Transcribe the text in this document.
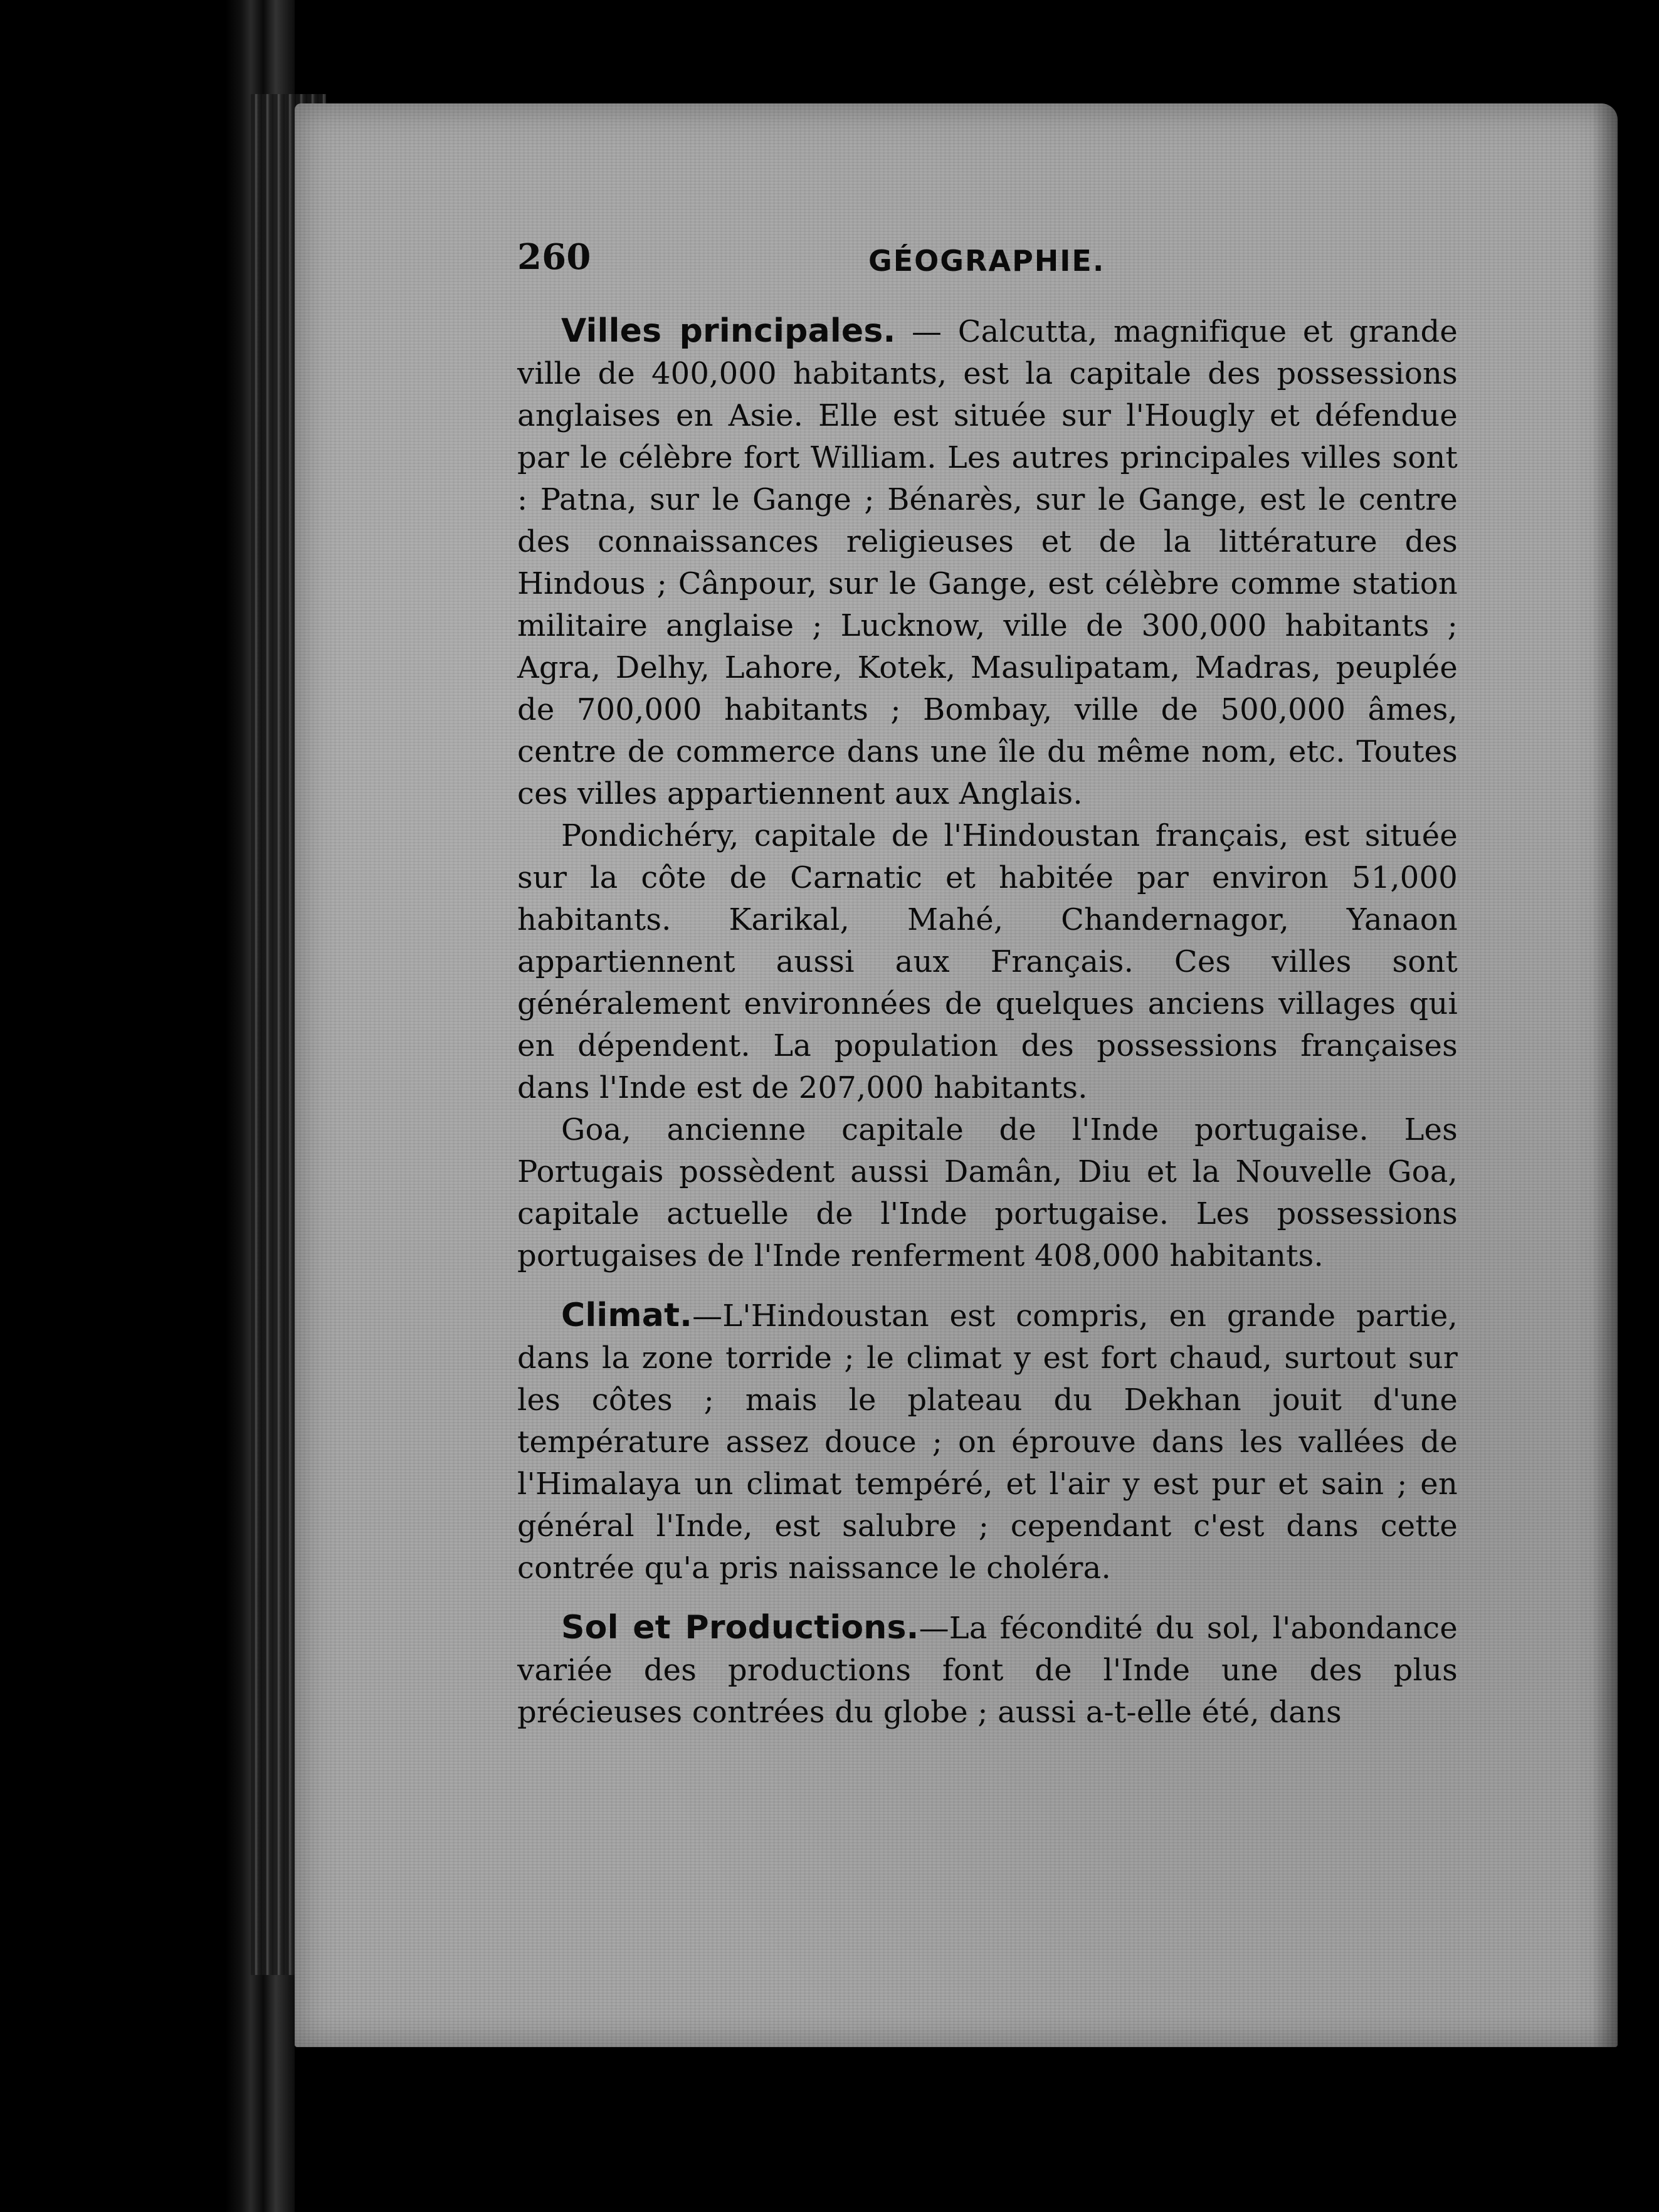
260	GÉOGRAPHIE.

Villes principales. — Calcutta, magnifique et grande ville de 400,000 habitants, est la capitale des possessions anglaises en Asie. Elle est située sur l'Hougly et défendue par le célèbre fort William. Les autres principales villes sont : Patna, sur le Gange ; Bénarès, sur le Gange, est le centre des connaissances religieuses et de la littérature des Hindous ; Cânpour, sur le Gange, est célèbre comme station militaire anglaise ; Lucknow, ville de 300,000 habitants ; Agra, Delhy, Lahore, Kotek, Masulipatam, Madras, peuplée de 700,000 habitants ; Bombay, ville de 500,000 âmes, centre de commerce dans une île du même nom, etc. Toutes ces villes appartiennent aux Anglais.

Pondichéry, capitale de l'Hindoustan français, est située sur la côte de Carnatic et habitée par environ 51,000 habitants. Karikal, Mahé, Chandernagor, Yanaon appartiennent aussi aux Français. Ces villes sont généralement environnées de quelques anciens villages qui en dépendent. La population des possessions françaises dans l'Inde est de 207,000 habitants.

Goa, ancienne capitale de l'Inde portugaise. Les Portugais possèdent aussi Damân, Diu et la Nouvelle Goa, capitale actuelle de l'Inde portugaise. Les possessions portugaises de l'Inde renferment 408,000 habitants.

Climat.—L'Hindoustan est compris, en grande partie, dans la zone torride ; le climat y est fort chaud, surtout sur les côtes ; mais le plateau du Dekhan jouit d'une température assez douce ; on éprouve dans les vallées de l'Himalaya un climat tempéré, et l'air y est pur et sain ; en général l'Inde, est salubre ; cependant c'est dans cette contrée qu'a pris naissance le choléra.

Sol et Productions.—La fécondité du sol, l'abondance variée des productions font de l'Inde une des plus précieuses contrées du globe ; aussi a-t-elle été, dans
